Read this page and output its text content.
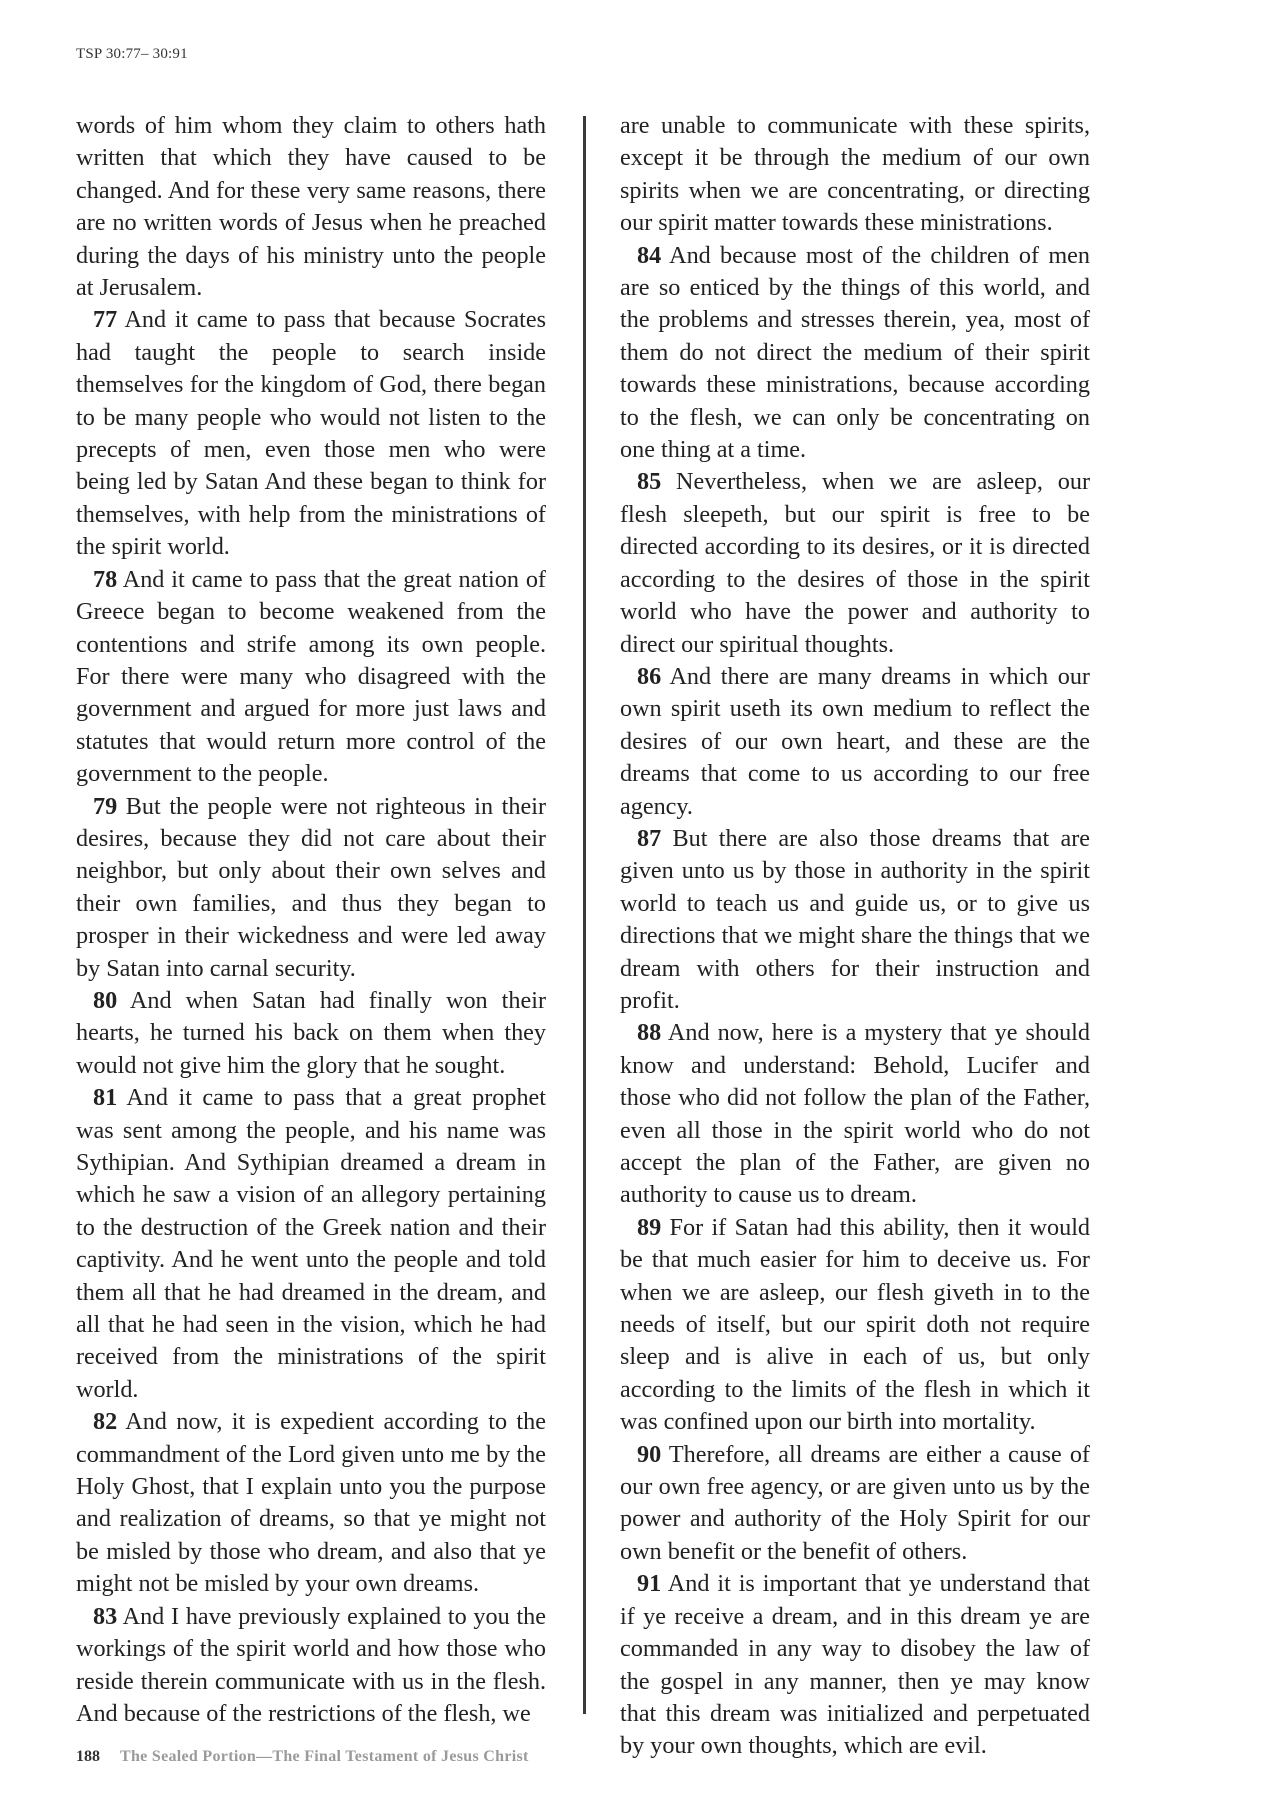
TSP 30:77– 30:91

words of him whom they claim to others hath written that which they have caused to be changed. And for these very same reasons, there are no written words of Jesus when he preached during the days of his ministry unto the people at Jerusalem.

77 And it came to pass that because Socrates had taught the people to search inside themselves for the kingdom of God, there began to be many people who would not listen to the precepts of men, even those men who were being led by Satan And these began to think for themselves, with help from the ministrations of the spirit world.

78 And it came to pass that the great nation of Greece began to become weakened from the contentions and strife among its own people. For there were many who disagreed with the government and argued for more just laws and statutes that would return more control of the government to the people.

79 But the people were not righteous in their desires, because they did not care about their neighbor, but only about their own selves and their own families, and thus they began to prosper in their wickedness and were led away by Satan into carnal security.

80 And when Satan had finally won their hearts, he turned his back on them when they would not give him the glory that he sought.

81 And it came to pass that a great prophet was sent among the people, and his name was Sythipian. And Sythipian dreamed a dream in which he saw a vision of an allegory pertaining to the destruction of the Greek nation and their captivity. And he went unto the people and told them all that he had dreamed in the dream, and all that he had seen in the vision, which he had received from the ministrations of the spirit world.

82 And now, it is expedient according to the commandment of the Lord given unto me by the Holy Ghost, that I explain unto you the purpose and realization of dreams, so that ye might not be misled by those who dream, and also that ye might not be misled by your own dreams.

83 And I have previously explained to you the workings of the spirit world and how those who reside therein communicate with us in the flesh. And because of the restrictions of the flesh, we

are unable to communicate with these spirits, except it be through the medium of our own spirits when we are concentrating, or directing our spirit matter towards these ministrations.

84 And because most of the children of men are so enticed by the things of this world, and the problems and stresses therein, yea, most of them do not direct the medium of their spirit towards these ministrations, because according to the flesh, we can only be concentrating on one thing at a time.

85 Nevertheless, when we are asleep, our flesh sleepeth, but our spirit is free to be directed according to its desires, or it is directed according to the desires of those in the spirit world who have the power and authority to direct our spiritual thoughts.

86 And there are many dreams in which our own spirit useth its own medium to reflect the desires of our own heart, and these are the dreams that come to us according to our free agency.

87 But there are also those dreams that are given unto us by those in authority in the spirit world to teach us and guide us, or to give us directions that we might share the things that we dream with others for their instruction and profit.

88 And now, here is a mystery that ye should know and understand: Behold, Lucifer and those who did not follow the plan of the Father, even all those in the spirit world who do not accept the plan of the Father, are given no authority to cause us to dream.

89 For if Satan had this ability, then it would be that much easier for him to deceive us. For when we are asleep, our flesh giveth in to the needs of itself, but our spirit doth not require sleep and is alive in each of us, but only according to the limits of the flesh in which it was confined upon our birth into mortality.

90 Therefore, all dreams are either a cause of our own free agency, or are given unto us by the power and authority of the Holy Spirit for our own benefit or the benefit of others.

91 And it is important that ye understand that if ye receive a dream, and in this dream ye are commanded in any way to disobey the law of the gospel in any manner, then ye may know that this dream was initialized and perpetuated by your own thoughts, which are evil.

188 The Sealed Portion—The Final Testament of Jesus Christ
